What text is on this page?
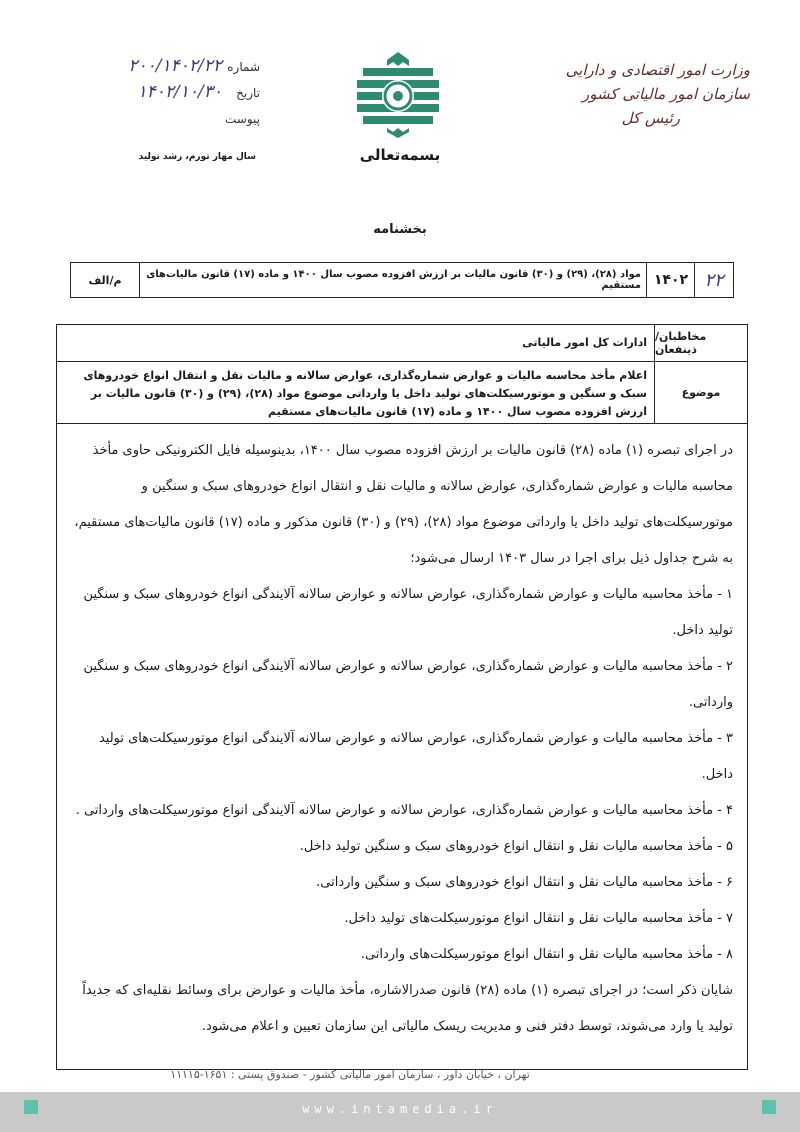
وزارت امور اقتصادی و دارایی
سازمان امور مالیاتی کشور
رئیس کل
بسمه‌تعالی
شماره
۲۰۰/۱۴۰۲/۲۲
تاریخ
۱۴۰۲/۱۰/۳۰
پیوست
سال مهار تورم، رشد تولید
بخشنامه
۲۲
۱۴۰۲
مواد (۲۸)، (۲۹) و (۳۰) قانون مالیات بر ارزش افزوده مصوب سال ۱۴۰۰ و ماده (۱۷) قانون مالیات‌های مستقیم
م/الف
مخاطبان/ذینفعان
ادارات کل امور مالیاتی
موضوع
اعلام مأخذ محاسبه مالیات و عوارض شماره‌گذاری، عوارض سالانه و مالیات نقل و انتقال انواع خودروهای سبک و سنگین و موتورسیکلت‌های تولید داخل یا وارداتی موضوع مواد (۲۸)، (۲۹) و (۳۰) قانون مالیات بر ارزش افزوده مصوب سال ۱۴۰۰ و ماده (۱۷) قانون مالیات‌های مستقیم

در اجرای تبصره (۱) ماده (۲۸) قانون مالیات بر ارزش افزوده مصوب سال ۱۴۰۰، بدینوسیله فایل الکترونیکی حاوی مأخذ محاسبه مالیات و عوارض شماره‌گذاری، عوارض سالانه و مالیات نقل و انتقال انواع خودروهای سبک و سنگین و موتورسیکلت‌های تولید داخل یا وارداتی موضوع مواد (۲۸)، (۲۹) و (۳۰) قانون مذکور و ماده (۱۷) قانون مالیات‌های مستقیم، به شرح جداول ذیل برای اجرا در سال ۱۴۰۳ ارسال می‌شود؛

۱ - مأخذ محاسبه مالیات و عوارض شماره‌گذاری، عوارض سالانه و عوارض سالانه آلایندگی انواع خودروهای سبک و سنگین تولید داخل.

۲ - مأخذ محاسبه مالیات و عوارض شماره‌گذاری، عوارض سالانه و عوارض سالانه آلایندگی انواع خودروهای سبک و سنگین وارداتی.

۳ - مأخذ محاسبه مالیات و عوارض شماره‌گذاری، عوارض سالانه و عوارض سالانه آلایندگی انواع موتورسیکلت‌های تولید داخل.

۴ - مأخذ محاسبه مالیات و عوارض شماره‌گذاری، عوارض سالانه و عوارض سالانه آلایندگی انواع موتورسیکلت‌های وارداتی .

۵ - مأخذ محاسبه مالیات نقل و انتقال انواع خودروهای سبک و سنگین تولید داخل.

۶ - مأخذ محاسبه مالیات نقل و انتقال انواع خودروهای سبک و سنگین وارداتی.

۷ - مأخذ محاسبه مالیات نقل و انتقال انواع موتورسیکلت‌های تولید داخل.

۸ - مأخذ محاسبه مالیات نقل و انتقال انواع موتورسیکلت‌های وارداتی.

شایان ذکر است؛ در اجرای تبصره (۱) ماده (۲۸) قانون صدرالاشاره، مأخذ مالیات و عوارض برای وسائط نقلیه‌ای که جدیداً تولید یا وارد می‌شوند، توسط دفتر فنی و مدیریت ریسک مالیاتی این سازمان تعیین و اعلام می‌شود.

تهران ، خیابان داور ، سازمان امور مالیاتی کشور - صندوق پستی : ۱۶۵۱-۱۱۱۱۵
www.intamedia.ir
